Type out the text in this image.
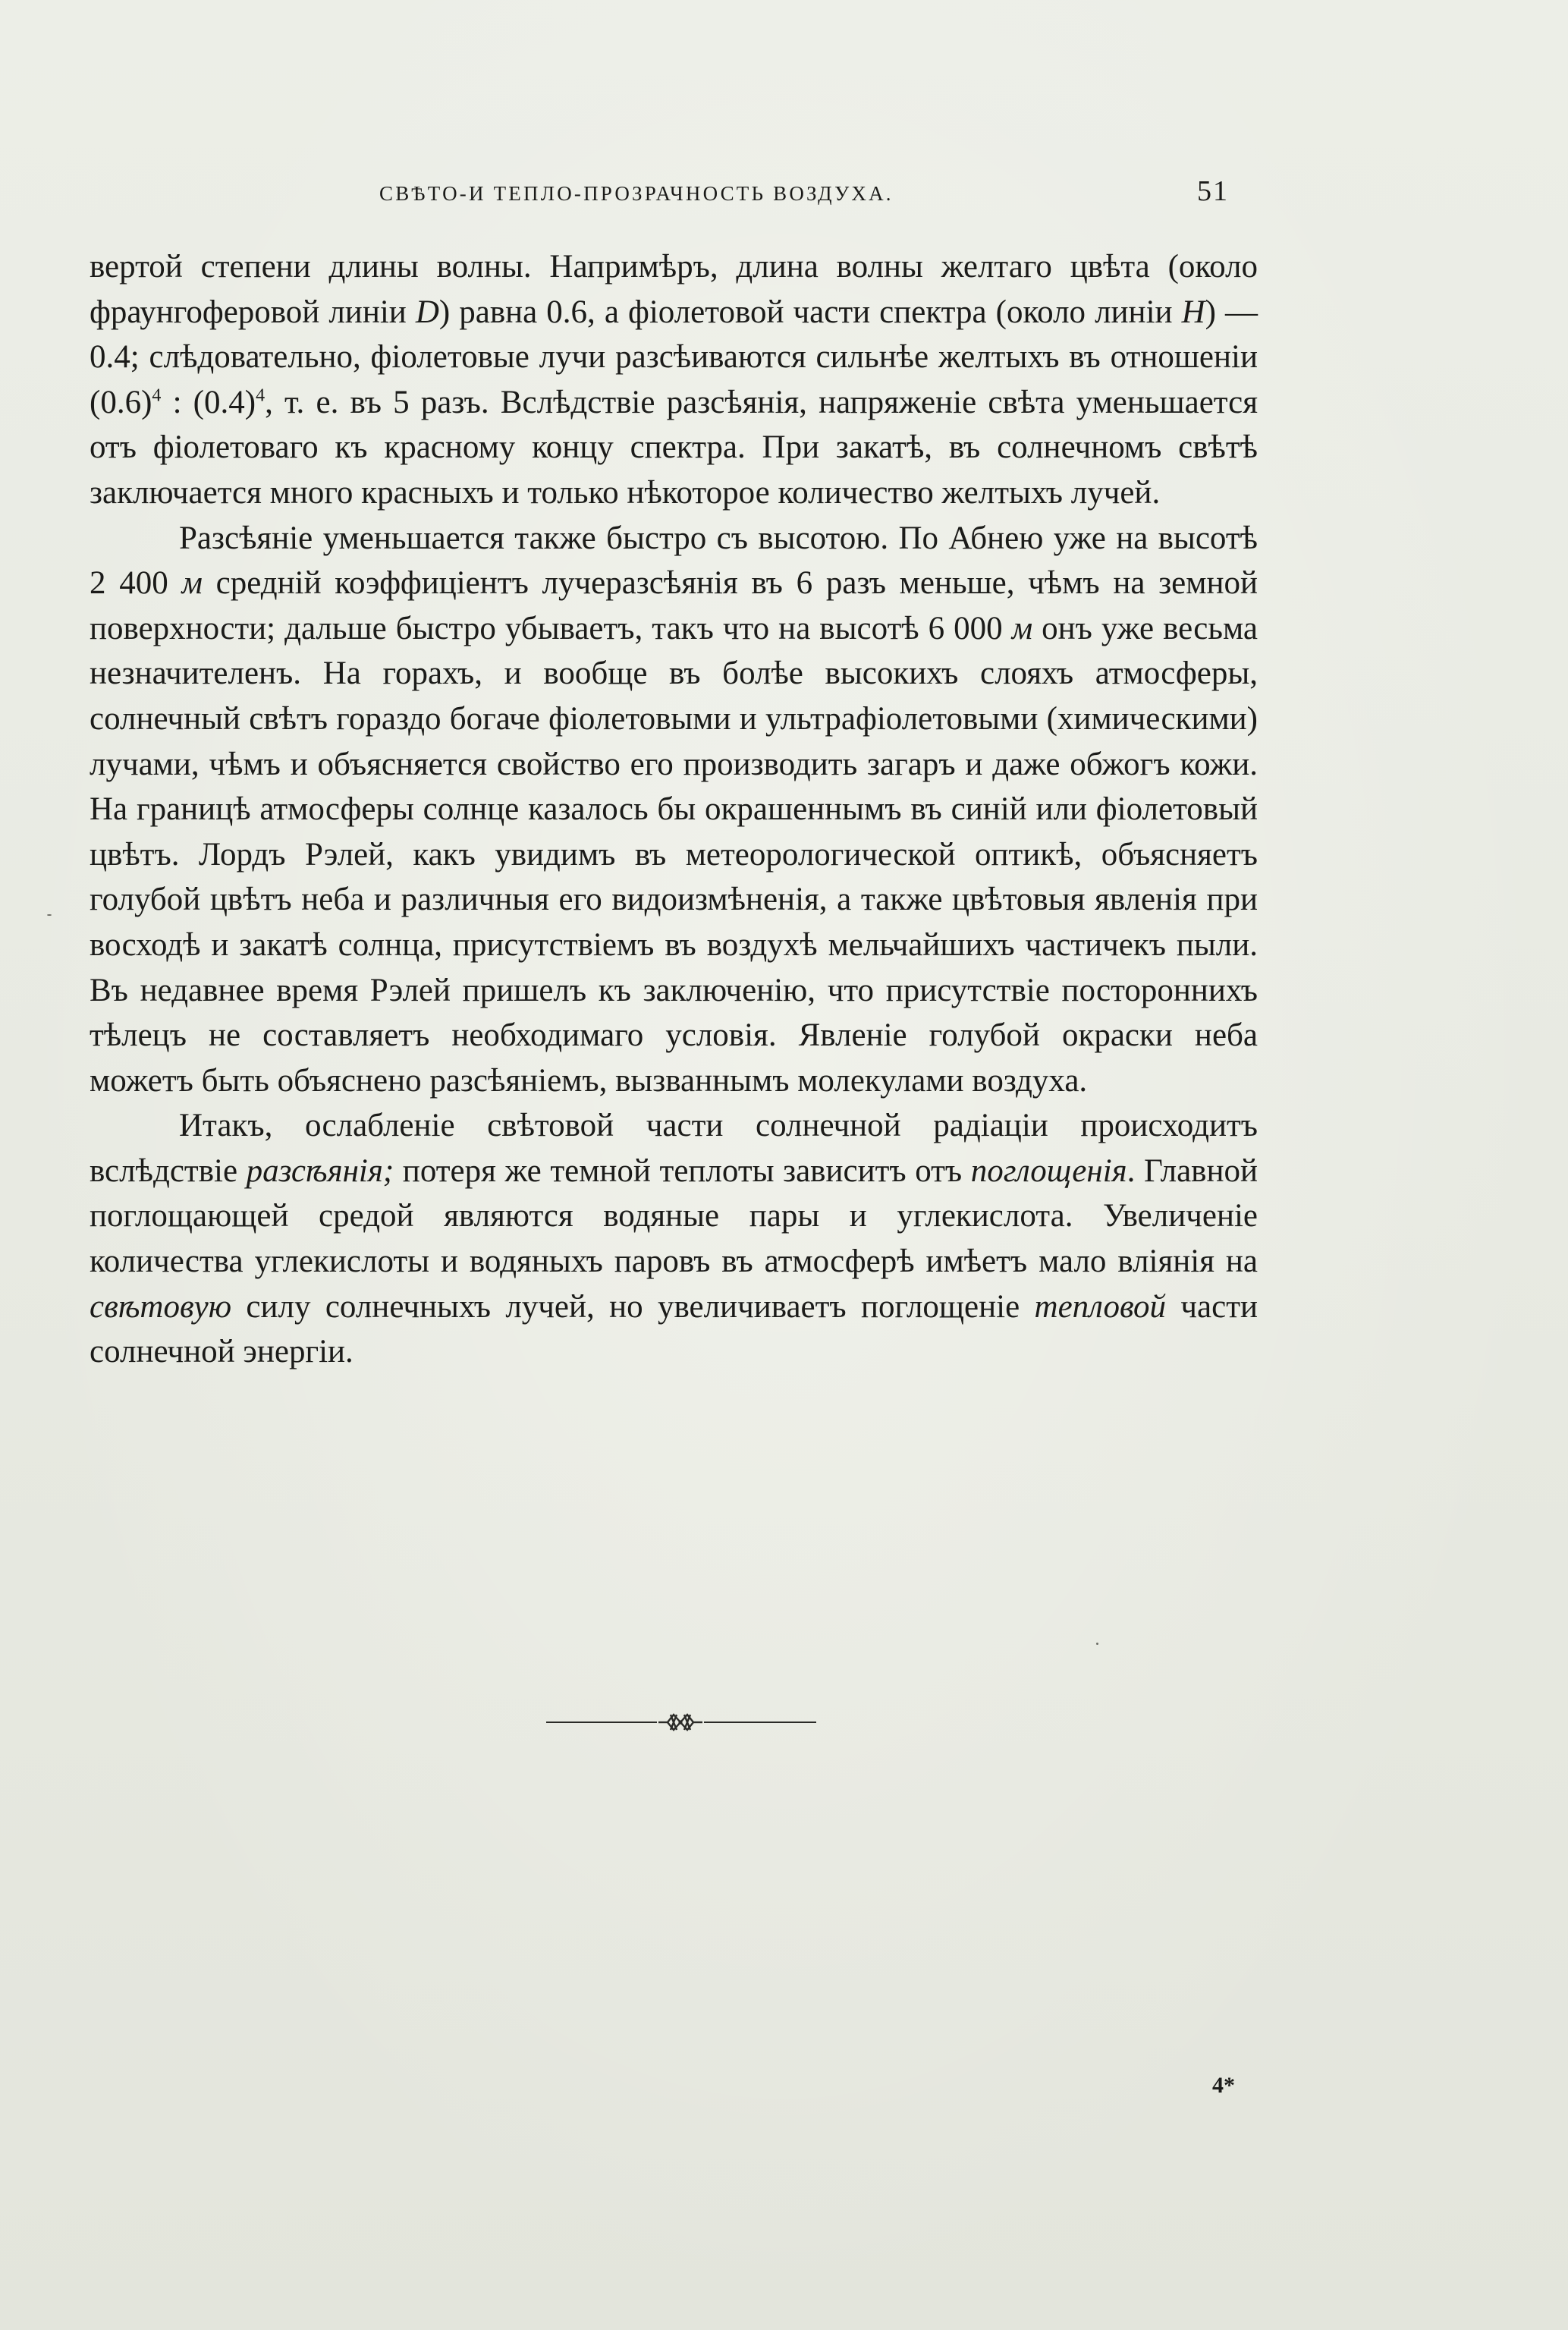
СВѢТО-И ТЕПЛО-ПРОЗРАЧНОСТЬ ВОЗДУХА.	51

вертой степени длины волны. Напримѣръ, длина волны желтаго цвѣта (около фраунгоферовой линіи D) равна 0.6, а фіолетовой части спектра (около линіи H) — 0.4; слѣдовательно, фіолетовые лучи разсѣиваются сильнѣе желтыхъ въ отношеніи $(0.6)^4$ : $(0.4)^4$, т. е. въ 5 разъ. Вслѣдствіе разсѣянія, напряженіе свѣта уменьшается отъ фіолетоваго къ красному концу спектра. При закатѣ, въ солнечномъ свѣтѣ заключается много красныхъ и только нѣкоторое количество желтыхъ лучей.

Разсѣяніе уменьшается также быстро съ высотою. По Абнею уже на высотѣ 2 400 м средній коэффиціентъ лучеразсѣянія въ 6 разъ меньше, чѣмъ на земной поверхности; дальше быстро убываетъ, такъ что на высотѣ 6 000 м онъ уже весьма незначителенъ. На горахъ, и вообще въ болѣе высокихъ слояхъ атмосферы, солнечный свѣтъ гораздо богаче фіолетовыми и ультрафіолетовыми (химическими) лучами, чѣмъ и объясняется свойство его производить загаръ и даже обжогъ кожи. На границѣ атмосферы солнце казалось бы окрашеннымъ въ синій или фіолетовый цвѣтъ. Лордъ Рэлей, какъ увидимъ въ метеорологической оптикѣ, объясняетъ голубой цвѣтъ неба и различныя его видоизмѣненія, а также цвѣтовыя явленія при восходѣ и закатѣ солнца, присутствіемъ въ воздухѣ мельчайшихъ частичекъ пыли. Въ недавнее время Рэлей пришелъ къ заключенію, что присутствіе постороннихъ тѣлецъ не составляетъ необходимаго условія. Явленіе голубой окраски неба можетъ быть объяснено разсѣяніемъ, вызваннымъ молекулами воздуха.

Итакъ, ослабленіе свѣтовой части солнечной радіаціи происходитъ вслѣдствіе разсѣянія; потеря же темной теплоты зависитъ отъ поглощенія. Главной поглощающей средой являются водяные пары и углекислота. Увеличеніе количества углекислоты и водяныхъ паровъ въ атмосферѣ имѣетъ мало вліянія на свѣтовую силу солнечныхъ лучей, но увеличиваетъ поглощеніе тепловой части солнечной энергіи.

4*
